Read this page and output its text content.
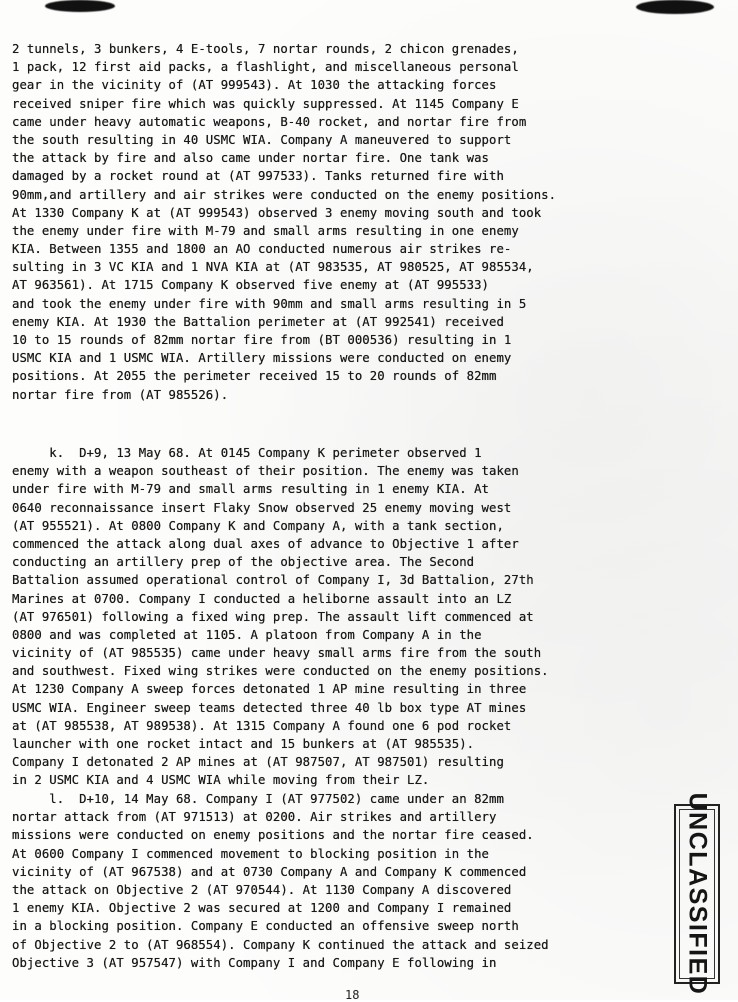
2 tunnels, 3 bunkers, 4 E-tools, 7 nortar rounds, 2 chicon grenades,
1 pack, 12 first aid packs, a flashlight, and miscellaneous personal
gear in the vicinity of (AT 999543). At 1030 the attacking forces
received sniper fire which was quickly suppressed. At 1145 Company E
came under heavy automatic weapons, B-40 rocket, and nortar fire from
the south resulting in 40 USMC WIA. Company A maneuvered to support
the attack by fire and also came under nortar fire. One tank was
damaged by a rocket round at (AT 997533). Tanks returned fire with
90mm,and artillery and air strikes were conducted on the enemy positions.
At 1330 Company K at (AT 999543) observed 3 enemy moving south and took
the enemy under fire with M-79 and small arms resulting in one enemy
KIA. Between 1355 and 1800 an AO conducted numerous air strikes re-
sulting in 3 VC KIA and 1 NVA KIA at (AT 983535, AT 980525, AT 985534,
AT 963561). At 1715 Company K observed five enemy at (AT 995533)
and took the enemy under fire with 90mm and small arms resulting in 5
enemy KIA. At 1930 the Battalion perimeter at (AT 992541) received
10 to 15 rounds of 82mm nortar fire from (BT 000536) resulting in 1
USMC KIA and 1 USMC WIA. Artillery missions were conducted on enemy
positions. At 2055 the perimeter received 15 to 20 rounds of 82mm
nortar fire from (AT 985526).
k.  D+9, 13 May 68. At 0145 Company K perimeter observed 1
enemy with a weapon southeast of their position. The enemy was taken
under fire with M-79 and small arms resulting in 1 enemy KIA. At
0640 reconnaissance insert Flaky Snow observed 25 enemy moving west
(AT 955521). At 0800 Company K and Company A, with a tank section,
commenced the attack along dual axes of advance to Objective 1 after
conducting an artillery prep of the objective area. The Second
Battalion assumed operational control of Company I, 3d Battalion, 27th
Marines at 0700. Company I conducted a heliborne assault into an LZ
(AT 976501) following a fixed wing prep. The assault lift commenced at
0800 and was completed at 1105. A platoon from Company A in the
vicinity of (AT 985535) came under heavy small arms fire from the south
and southwest. Fixed wing strikes were conducted on the enemy positions.
At 1230 Company A sweep forces detonated 1 AP mine resulting in three
USMC WIA. Engineer sweep teams detected three 40 lb box type AT mines
at (AT 985538, AT 989538). At 1315 Company A found one 6 pod rocket
launcher with one rocket intact and 15 bunkers at (AT 985535).
Company I detonated 2 AP mines at (AT 987507, AT 987501) resulting
in 2 USMC KIA and 4 USMC WIA while moving from their LZ.
l.  D+10, 14 May 68. Company I (AT 977502) came under an 82mm
nortar attack from (AT 971513) at 0200. Air strikes and artillery
missions were conducted on enemy positions and the nortar fire ceased.
At 0600 Company I commenced movement to blocking position in the
vicinity of (AT 967538) and at 0730 Company A and Company K commenced
the attack on Objective 2 (AT 970544). At 1130 Company A discovered
1 enemy KIA. Objective 2 was secured at 1200 and Company I remained
in a blocking position. Company E conducted an offensive sweep north
of Objective 2 to (AT 968554). Company K continued the attack and seized
Objective 3 (AT 957547) with Company I and Company E following in	UNCLASSIFIED
18
